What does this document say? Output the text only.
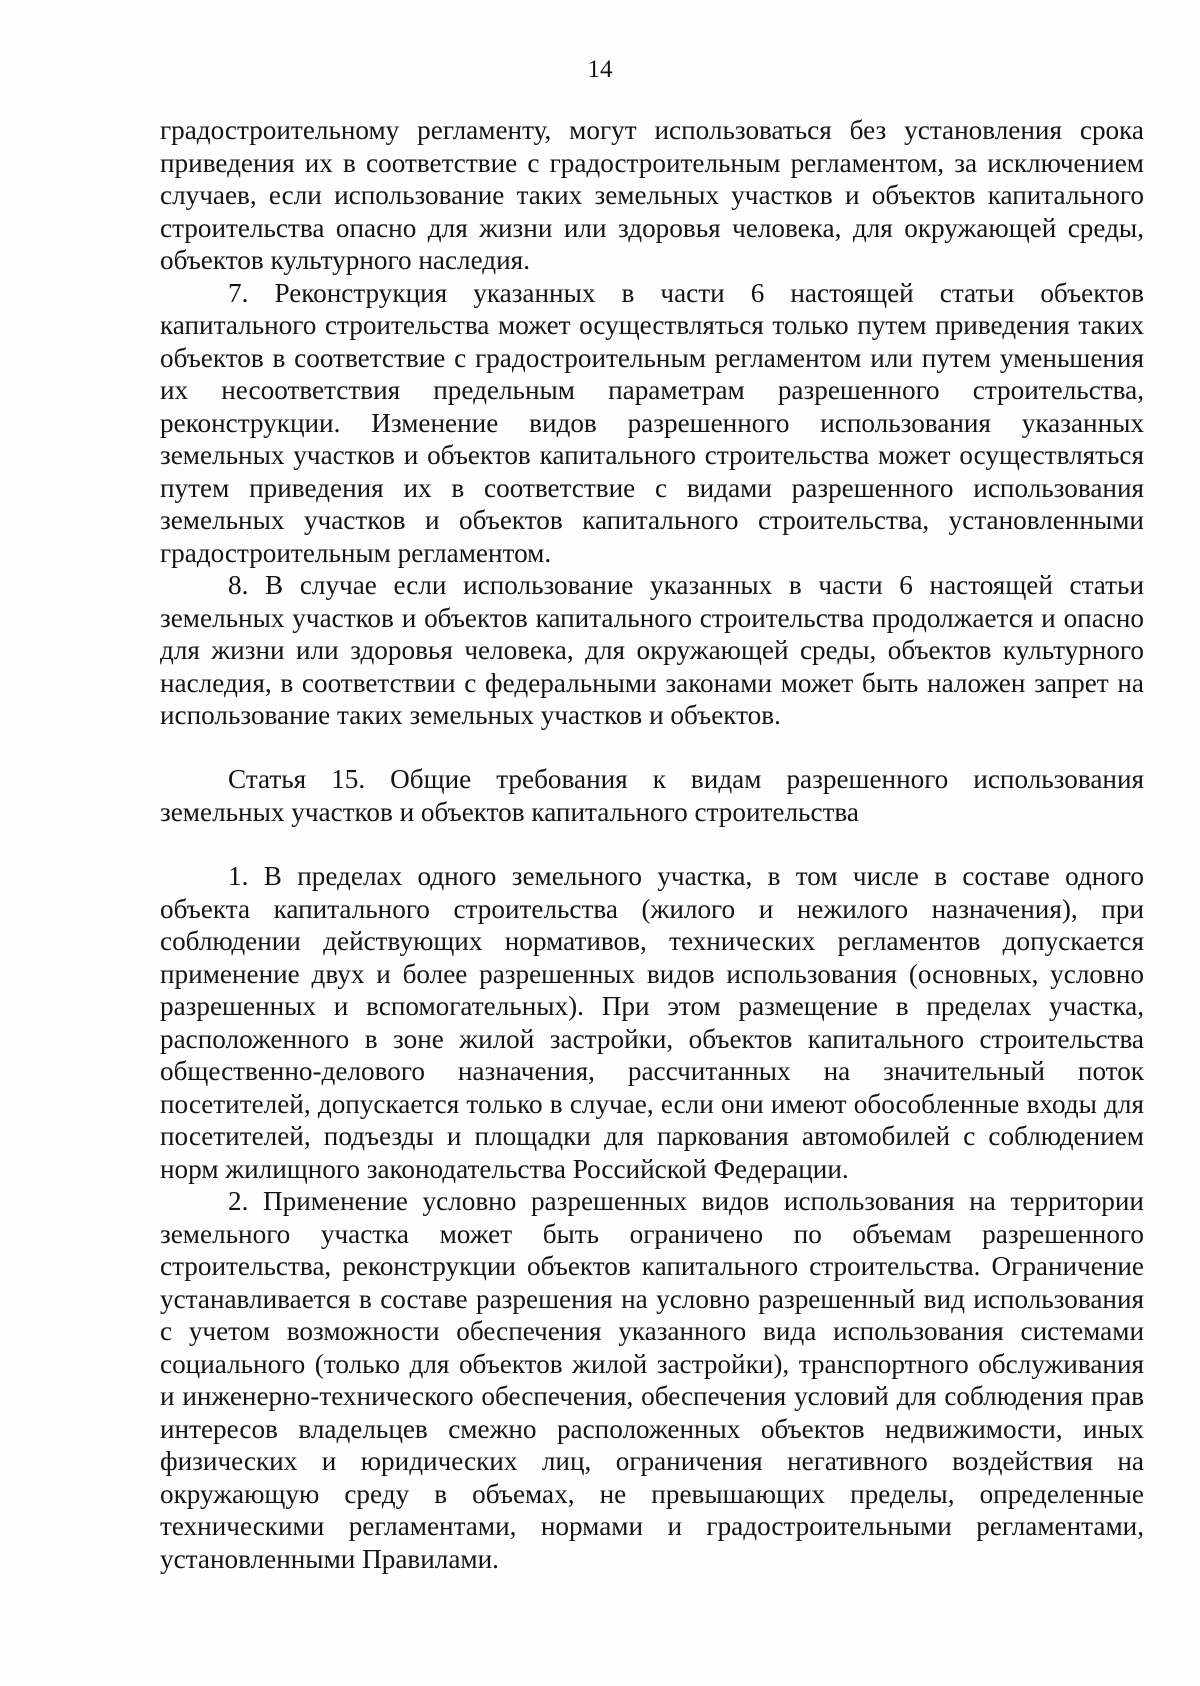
14

градостроительному регламенту, могут использоваться без установления срока приведения их в соответствие с градостроительным регламентом, за исключением случаев, если использование таких земельных участков и объектов капитального строительства опасно для жизни или здоровья человека, для окружающей среды, объектов культурного наследия.

7. Реконструкция указанных в части 6 настоящей статьи объектов капитального строительства может осуществляться только путем приведения таких объектов в соответствие с градостроительным регламентом или путем уменьшения их несоответствия предельным параметрам разрешенного строительства, реконструкции. Изменение видов разрешенного использования указанных земельных участков и объектов капитального строительства может осуществляться путем приведения их в соответствие с видами разрешенного использования земельных участков и объектов капитального строительства, установленными градостроительным регламентом.

8. В случае если использование указанных в части 6 настоящей статьи земельных участков и объектов капитального строительства продолжается и опасно для жизни или здоровья человека, для окружающей среды, объектов культурного наследия, в соответствии с федеральными законами может быть наложен запрет на использование таких земельных участков и объектов.

Статья 15. Общие требования к видам разрешенного использования земельных участков и объектов капитального строительства

1. В пределах одного земельного участка, в том числе в составе одного объекта капитального строительства (жилого и нежилого назначения), при соблюдении действующих нормативов, технических регламентов допускается применение двух и более разрешенных видов использования (основных, условно разрешенных и вспомогательных). При этом размещение в пределах участка, расположенного в зоне жилой застройки, объектов капитального строительства общественно-делового назначения, рассчитанных на значительный поток посетителей, допускается только в случае, если они имеют обособленные входы для посетителей, подъезды и площадки для паркования автомобилей с соблюдением норм жилищного законодательства Российской Федерации.

2. Применение условно разрешенных видов использования на территории земельного участка может быть ограничено по объемам разрешенного строительства, реконструкции объектов капитального строительства. Ограничение устанавливается в составе разрешения на условно разрешенный вид использования с учетом возможности обеспечения указанного вида использования системами социального (только для объектов жилой застройки), транспортного обслуживания и инженерно-технического обеспечения, обеспечения условий для соблюдения прав интересов владельцев смежно расположенных объектов недвижимости, иных физических и юридических лиц, ограничения негативного воздействия на окружающую среду в объемах, не превышающих пределы, определенные техническими регламентами, нормами и градостроительными регламентами, установленными Правилами.
